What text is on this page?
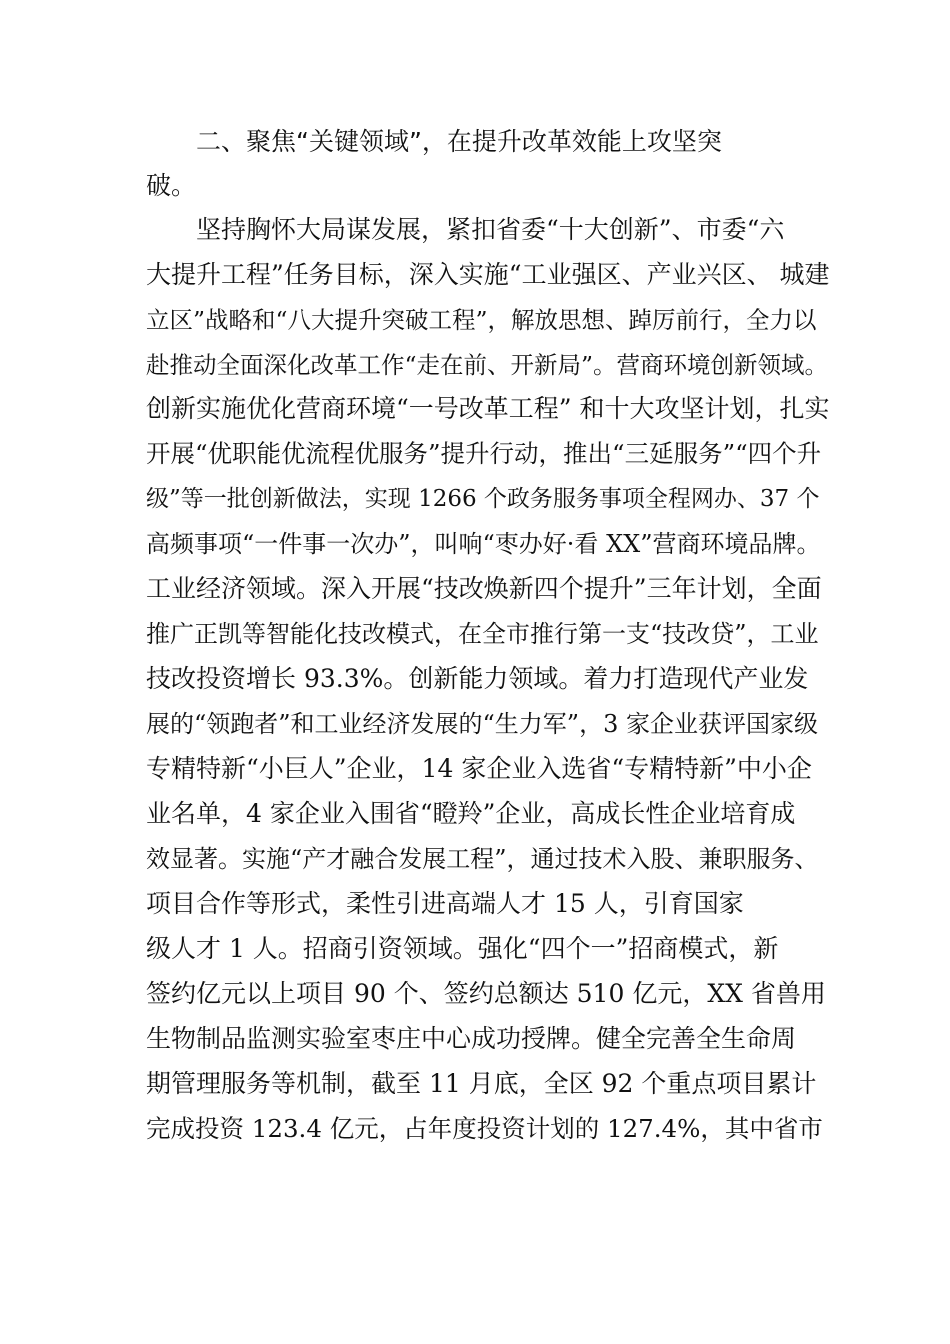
二、聚焦“关键领域”，在提升改革效能上攻坚突
破。
坚持胸怀大局谋发展，紧扣省委“十大创新”、市委“六
大提升工程”任务目标，深入实施“工业强区、产业兴区、 城建
立区”战略和“八大提升突破工程”，解放思想、踔厉前行，全力以
赴推动全面深化改革工作“走在前、开新局”。营商环境创新领域。
创新实施优化营商环境“一号改革工程” 和十大攻坚计划，扎实
开展“优职能优流程优服务”提升行动，推出“三延服务”“四个升
级”等一批创新做法，实现 1266 个政务服务事项全程网办、37 个
高频事项“一件事一次办”，叫响“枣办好·看 XX”营商环境品牌。
工业经济领域。深入开展“技改焕新四个提升”三年计划，全面
推广正凯等智能化技改模式，在全市推行第一支“技改贷”，工业
技改投资增长 93.3%。创新能力领域。着力打造现代产业发
展的“领跑者”和工业经济发展的“生力军”，3 家企业获评国家级
专精特新“小巨人”企业，14 家企业入选省“专精特新”中小企
业名单，4 家企业入围省“瞪羚”企业，高成长性企业培育成
效显著。实施“产才融合发展工程”，通过技术入股、兼职服务、
项目合作等形式，柔性引进高端人才 15 人，引育国家
级人才 1 人。招商引资领域。强化“四个一”招商模式，新
签约亿元以上项目 90 个、签约总额达 510 亿元，XX 省兽用
生物制品监测实验室枣庄中心成功授牌。健全完善全生命周
期管理服务等机制，截至 11 月底，全区 92 个重点项目累计
完成投资 123.4 亿元，占年度投资计划的 127.4%，其中省市
